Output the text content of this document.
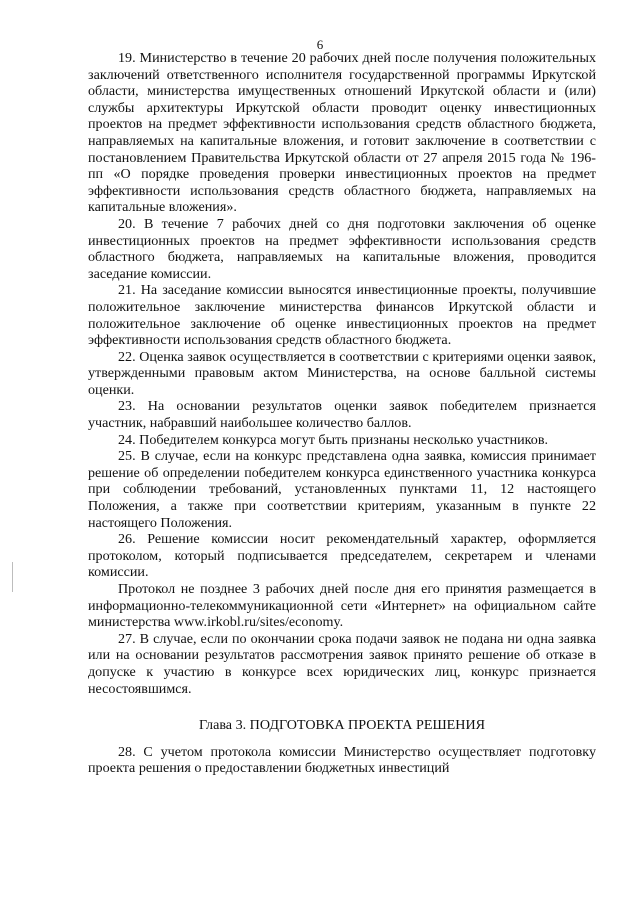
6

19. Министерство в течение 20 рабочих дней после получения положительных заключений ответственного исполнителя государственной программы Иркутской области, министерства имущественных отношений Иркутской области и (или) службы архитектуры Иркутской области проводит оценку инвестиционных проектов на предмет эффективности использования средств областного бюджета, направляемых на капитальные вложения, и готовит заключение в соответствии с постановлением Правительства Иркутской области от 27 апреля 2015 года № 196-пп «О порядке проведения проверки инвестиционных проектов на предмет эффективности использования средств областного бюджета, направляемых на капитальные вложения».

20. В течение 7 рабочих дней со дня подготовки заключения об оценке инвестиционных проектов на предмет эффективности использования средств областного бюджета, направляемых на капитальные вложения, проводится заседание комиссии.

21. На заседание комиссии выносятся инвестиционные проекты, получившие положительное заключение министерства финансов Иркутской области и положительное заключение об оценке инвестиционных проектов на предмет эффективности использования средств областного бюджета.

22. Оценка заявок осуществляется в соответствии с критериями оценки заявок, утвержденными правовым актом Министерства, на основе балльной системы оценки.

23. На основании результатов оценки заявок победителем признается участник, набравший наибольшее количество баллов.

24. Победителем конкурса могут быть признаны несколько участников.

25. В случае, если на конкурс представлена одна заявка, комиссия принимает решение об определении победителем конкурса единственного участника конкурса при соблюдении требований, установленных пунктами 11, 12 настоящего Положения, а также при соответствии критериям, указанным в пункте 22 настоящего Положения.

26. Решение комиссии носит рекомендательный характер, оформляется протоколом, который подписывается председателем, секретарем и членами комиссии.

Протокол не позднее 3 рабочих дней после дня его принятия размещается в информационно-телекоммуникационной сети «Интернет» на официальном сайте министерства www.irkobl.ru/sites/economy.

27. В случае, если по окончании срока подачи заявок не подана ни одна заявка или на основании результатов рассмотрения заявок принято решение об отказе в допуске к участию в конкурсе всех юридических лиц, конкурс признается несостоявшимся.

Глава 3. ПОДГОТОВКА ПРОЕКТА РЕШЕНИЯ

28. С учетом протокола комиссии Министерство осуществляет подготовку проекта решения о предоставлении бюджетных инвестиций
